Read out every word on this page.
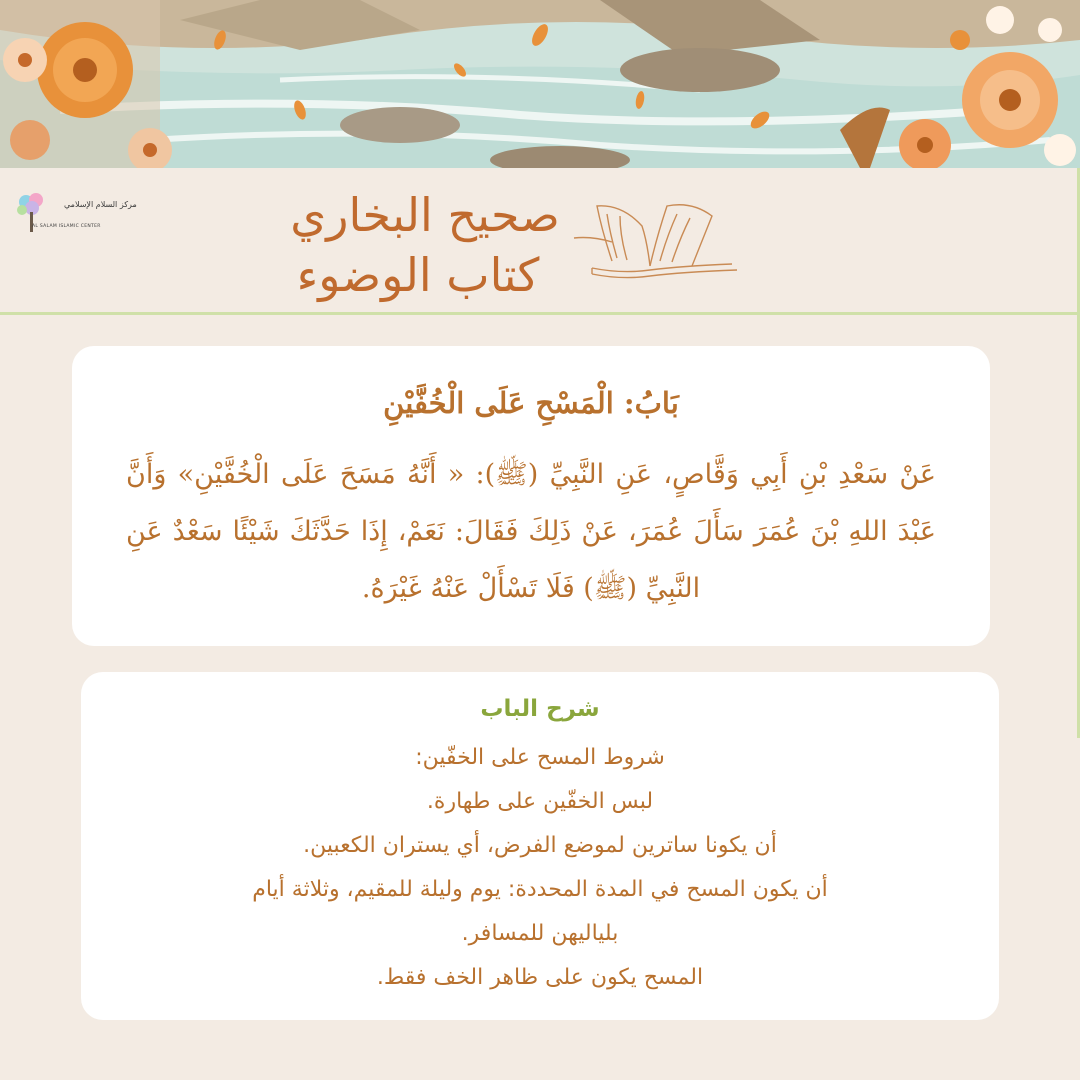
مركز السلام الإسلامي
AL SALAM ISLAMIC CENTER	صحيح البخاري
كتاب الوضوء
بَابُ: الْمَسْحِ عَلَى الْخُفَّيْنِ
عَنْ سَعْدِ بْنِ أَبِي وَقَّاصٍ، عَنِ النَّبِيِّ (ﷺ): « أَنَّهُ مَسَحَ عَلَى الْخُفَّيْنِ» وَأَنَّ عَبْدَ اللهِ بْنَ عُمَرَ سَأَلَ عُمَرَ، عَنْ ذَلِكَ فَقَالَ: نَعَمْ، إِذَا حَدَّثَكَ شَيْئًا سَعْدٌ عَنِ النَّبِيِّ (ﷺ) فَلَا تَسْأَلْ عَنْهُ غَيْرَهُ.
شرح الباب
شروط المسح على الخفّين:
لبس الخفّين على طهارة.
أن يكونا ساترين لموضع الفرض، أي يستران الكعبين.
أن يكون المسح في المدة المحددة: يوم وليلة للمقيم، وثلاثة أيام
بلياليهن للمسافر.
المسح يكون على ظاهر الخف فقط.
